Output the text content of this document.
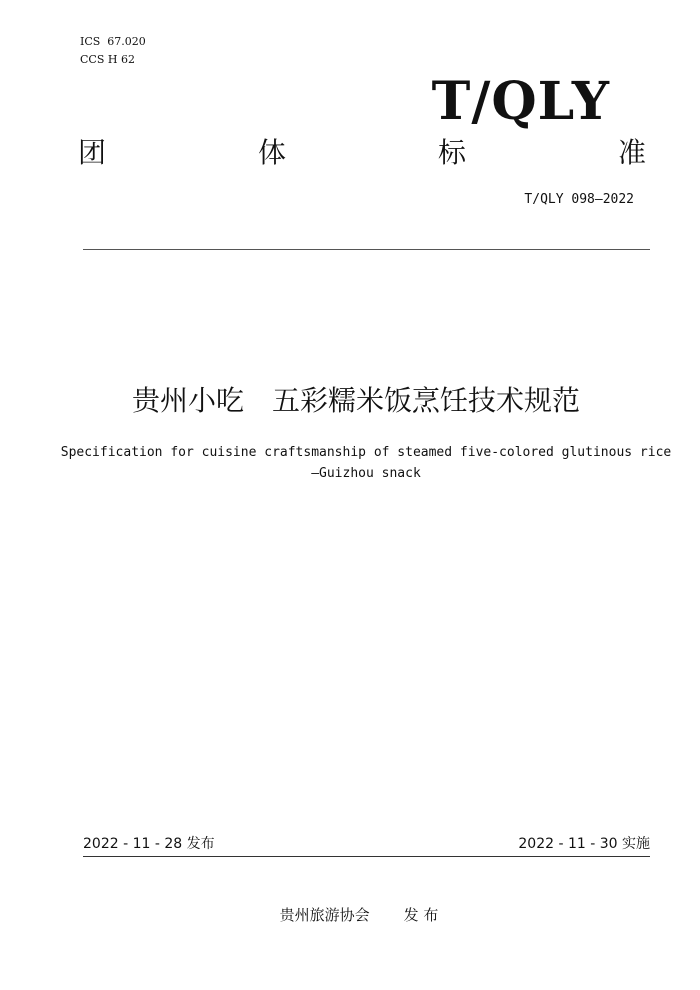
ICS  67.020
CCS H 62
T/QLY
团	体	标	准
T/QLY 098—2022
贵州小吃　五彩糯米饭烹饪技术规范
Specification for cuisine craftsmanship of steamed five-colored glutinous rice—Guizhou snack
2022 - 11 - 28 发布	2022 - 11 - 30 实施
贵州旅游协会 发 布
